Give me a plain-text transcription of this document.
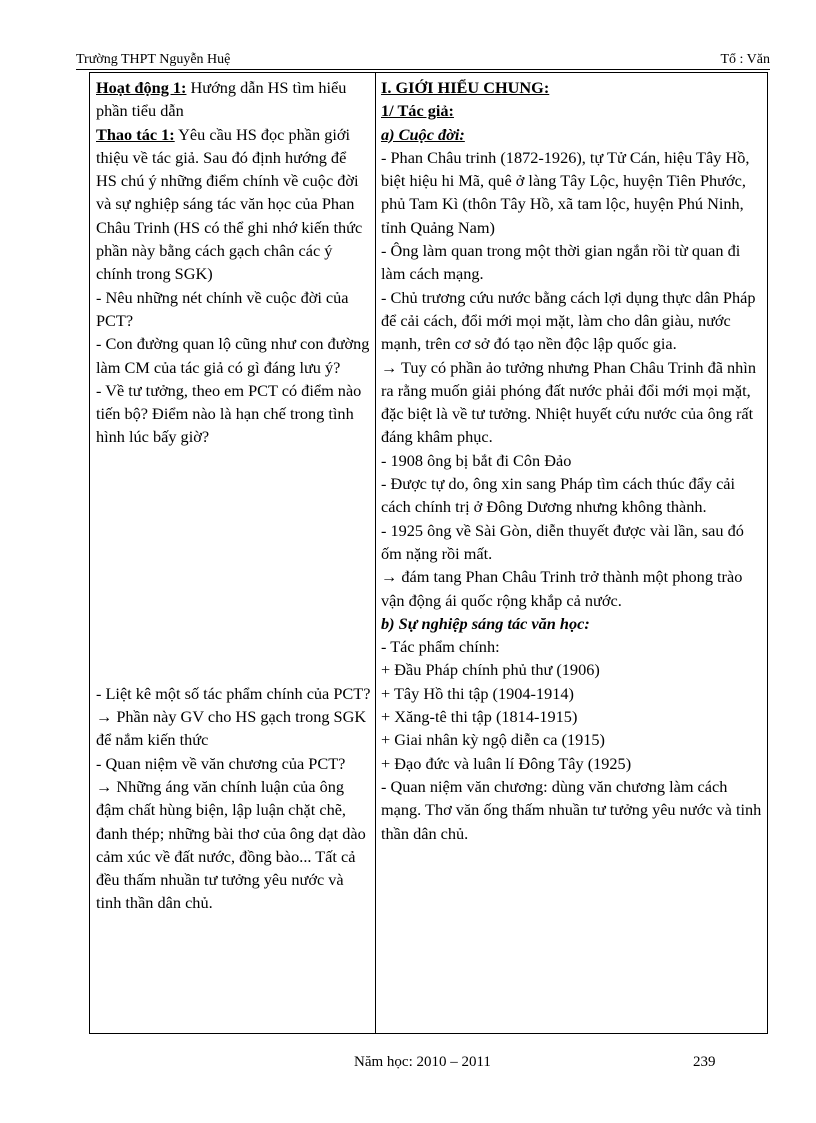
Trường THPT Nguyễn Huệ	Tổ : Văn

Hoạt động 1: Hướng dẫn HS tìm hiểu phần tiểu dẫn

Thao tác 1: Yêu cầu HS đọc phần giới thiệu về tác giả. Sau đó định hướng để HS chú ý những điểm chính về cuộc đời và sự nghiệp sáng tác văn học của Phan Châu Trinh (HS có thể ghi nhớ kiến thức phần này bằng cách gạch chân các ý chính trong SGK)

- Nêu những nét chính về cuộc đời của PCT?

- Con đường quan lộ cũng như con đường làm CM của tác giả có gì đáng lưu ý?

- Về tư tưởng, theo em PCT có điểm nào tiến bộ? Điểm nào là hạn chế trong tình hình lúc bấy giờ?

- Liệt kê một số tác phẩm chính của PCT?

→ Phần này GV cho HS gạch trong SGK để nắm kiến thức

- Quan niệm về văn chương của PCT?

→ Những áng văn chính luận của ông đậm chất hùng biện, lập luận chặt chẽ, đanh thép; những bài thơ của ông dạt dào cảm xúc về đất nước, đồng bào... Tất cả đều thấm nhuần tư tưởng yêu nước và tinh thần dân chủ.

I. GIỚI HIỂU CHUNG:

1/ Tác giả:

a) Cuộc đời:

- Phan Châu trinh (1872-1926), tự Tử Cán, hiệu Tây Hồ, biệt hiệu hi Mã, quê ở làng Tây Lộc, huyện Tiên Phước, phủ Tam Kì (thôn Tây Hồ, xã tam lộc, huyện Phú Ninh, tỉnh Quảng Nam)

- Ông làm quan trong một thời gian ngắn rồi từ quan đi làm cách mạng.

- Chủ trương cứu nước bằng cách lợi dụng thực dân Pháp để cải cách, đổi mới mọi mặt, làm cho dân giàu, nước mạnh, trên cơ sở đó tạo nền độc lập quốc gia.

→ Tuy có phần ảo tưởng nhưng Phan Châu Trinh đã nhìn ra rằng muốn giải phóng đất nước phải đổi mới mọi mặt, đặc biệt là về tư tưởng. Nhiệt huyết cứu nước của ông rất đáng khâm phục.

- 1908 ông bị bắt đi Côn Đảo

- Được tự do, ông xin sang Pháp tìm cách thúc đẩy cải cách chính trị ở Đông Dương nhưng không thành.

- 1925 ông về Sài Gòn, diễn thuyết được vài lần, sau đó ốm nặng rồi mất.

→ đám tang Phan Châu Trinh trở thành một phong trào vận động ái quốc rộng khắp cả nước.

b) Sự nghiệp sáng tác văn học:

- Tác phẩm chính:

+ Đầu Pháp chính phủ thư (1906)

+ Tây Hồ thi tập (1904-1914)

+ Xăng-tê thi tập (1814-1915)

+ Giai nhân kỳ ngộ diễn ca (1915)

+ Đạo đức và luân lí Đông Tây (1925)

- Quan niệm văn chương: dùng văn chương làm cách mạng. Thơ văn ống thấm nhuần tư tưởng yêu nước và tinh thần dân chủ.

Năm học: 2010 – 2011	239
